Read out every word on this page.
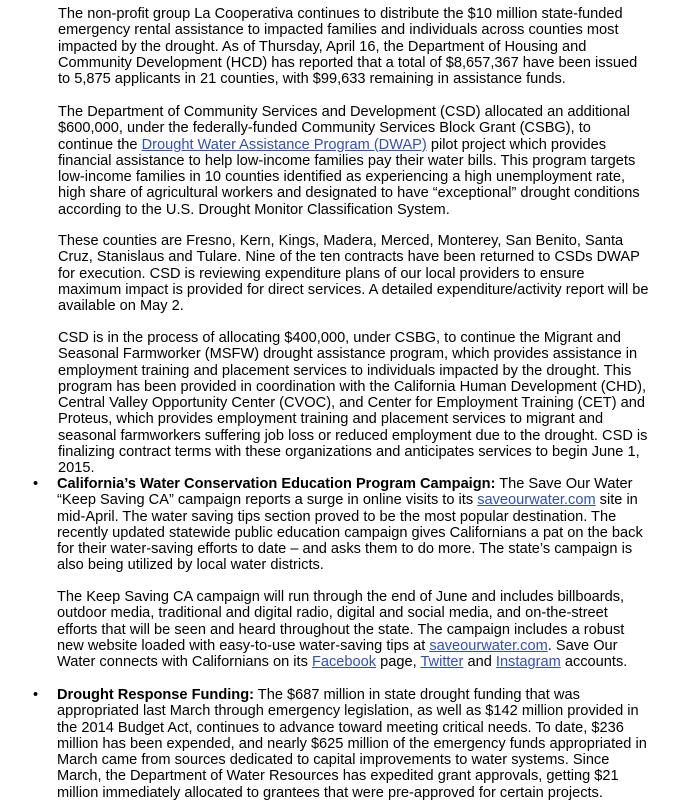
The non-profit group La Cooperativa continues to distribute the $10 million state-funded emergency rental assistance to impacted families and individuals across counties most impacted by the drought. As of Thursday, April 16, the Department of Housing and Community Development (HCD) has reported that a total of $8,657,367 have been issued to 5,875 applicants in 21 counties, with $99,633 remaining in assistance funds.

The Department of Community Services and Development (CSD) allocated an additional $600,000, under the federally-funded Community Services Block Grant (CSBG), to continue the Drought Water Assistance Program (DWAP) pilot project which provides financial assistance to help low-income families pay their water bills. This program targets low-income families in 10 counties identified as experiencing a high unemployment rate, high share of agricultural workers and designated to have “exceptional” drought conditions according to the U.S. Drought Monitor Classification System.

These counties are Fresno, Kern, Kings, Madera, Merced, Monterey, San Benito, Santa Cruz, Stanislaus and Tulare. Nine of the ten contracts have been returned to CSDs DWAP for execution. CSD is reviewing expenditure plans of our local providers to ensure maximum impact is provided for direct services. A detailed expenditure/activity report will be available on May 2.

CSD is in the process of allocating $400,000, under CSBG, to continue the Migrant and Seasonal Farmworker (MSFW) drought assistance program, which provides assistance in employment training and placement services to individuals impacted by the drought. This program has been provided in coordination with the California Human Development (CHD), Central Valley Opportunity Center (CVOC), and Center for Employment Training (CET) and Proteus, which provides employment training and placement services to migrant and seasonal farmworkers suffering job loss or reduced employment due to the drought. CSD is finalizing contract terms with these organizations and anticipates services to begin June 1, 2015.

• California’s Water Conservation Education Program Campaign: The Save Our Water “Keep Saving CA” campaign reports a surge in online visits to its saveourwater.com site in mid-April. The water saving tips section proved to be the most popular destination. The recently updated statewide public education campaign gives Californians a pat on the back for their water-saving efforts to date – and asks them to do more. The state’s campaign is also being utilized by local water districts.

The Keep Saving CA campaign will run through the end of June and includes billboards, outdoor media, traditional and digital radio, digital and social media, and on-the-street efforts that will be seen and heard throughout the state. The campaign includes a robust new website loaded with easy-to-use water-saving tips at saveourwater.com. Save Our Water connects with Californians on its Facebook page, Twitter and Instagram accounts.

• Drought Response Funding: The $687 million in state drought funding that was appropriated last March through emergency legislation, as well as $142 million provided in the 2014 Budget Act, continues to advance toward meeting critical needs. To date, $236 million has been expended, and nearly $625 million of the emergency funds appropriated in March came from sources dedicated to capital improvements to water systems. Since March, the Department of Water Resources has expedited grant approvals, getting $21 million immediately allocated to grantees that were pre-approved for certain projects.
